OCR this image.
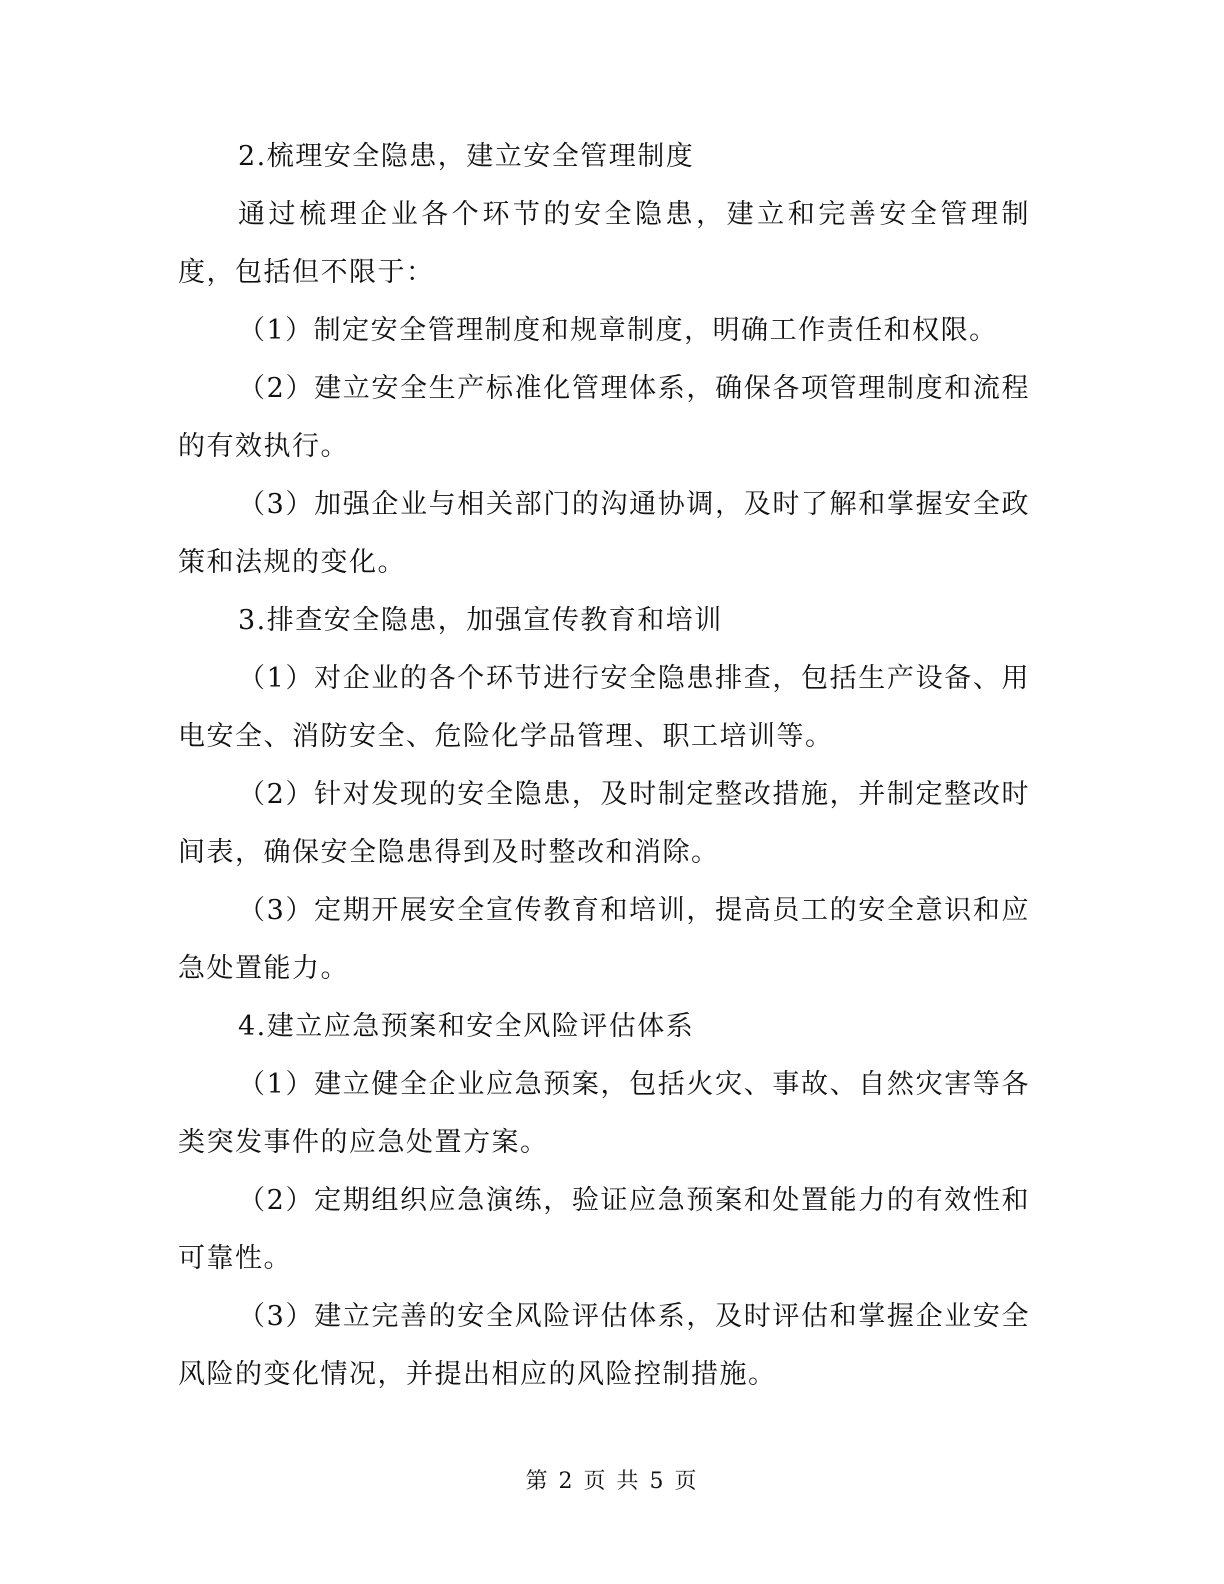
2.梳理安全隐患，建立安全管理制度

通过梳理企业各个环节的安全隐患，建立和完善安全管理制度，包括但不限于：

（1）制定安全管理制度和规章制度，明确工作责任和权限。

（2）建立安全生产标准化管理体系，确保各项管理制度和流程的有效执行。

（3）加强企业与相关部门的沟通协调，及时了解和掌握安全政策和法规的变化。

3.排查安全隐患，加强宣传教育和培训

（1）对企业的各个环节进行安全隐患排查，包括生产设备、用电安全、消防安全、危险化学品管理、职工培训等。

（2）针对发现的安全隐患，及时制定整改措施，并制定整改时间表，确保安全隐患得到及时整改和消除。

（3）定期开展安全宣传教育和培训，提高员工的安全意识和应急处置能力。

4.建立应急预案和安全风险评估体系

（1）建立健全企业应急预案，包括火灾、事故、自然灾害等各类突发事件的应急处置方案。

（2）定期组织应急演练，验证应急预案和处置能力的有效性和可靠性。

（3）建立完善的安全风险评估体系，及时评估和掌握企业安全风险的变化情况，并提出相应的风险控制措施。

第 2 页 共 5 页
